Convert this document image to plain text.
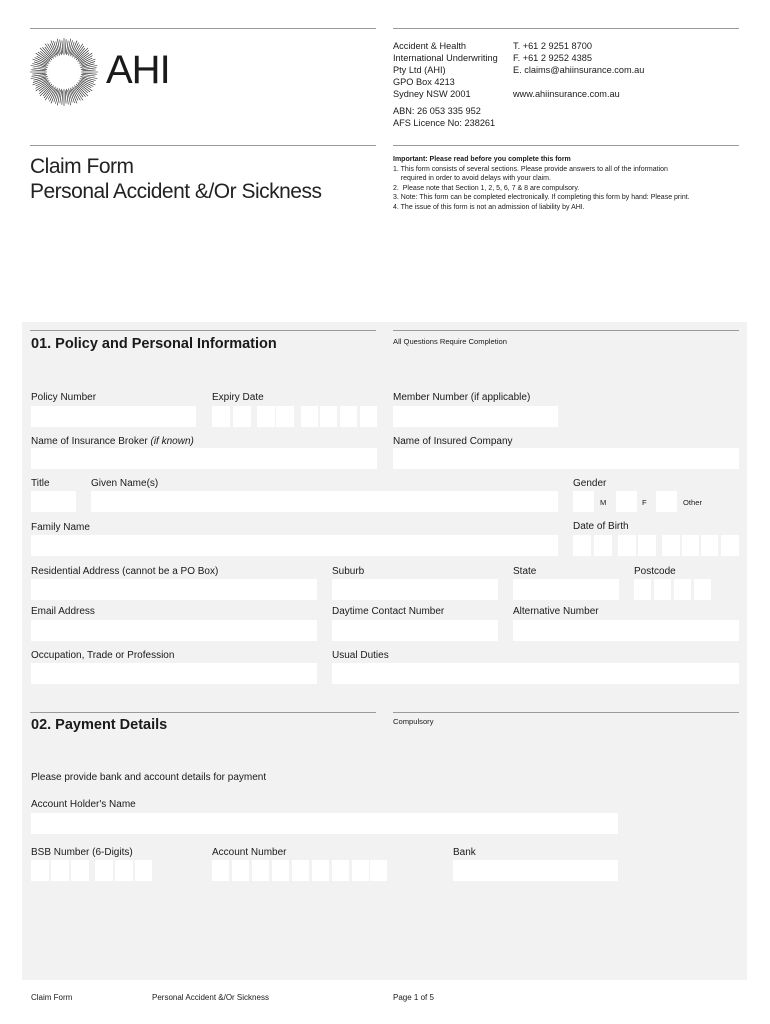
AHI
Accident & Health
International Underwriting
Pty Ltd (AHI)
GPO Box 4213
Sydney NSW 2001
T. +61 2 9251 8700
F. +61 2 9252 4385
E. claims@ahiinsurance.com.au
www.ahiinsurance.com.au
ABN: 26 053 335 952
AFS Licence No: 238261
Claim Form
Personal Accident &/Or Sickness
Important: Please read before you complete this form
1. This form consists of several sections. Please provide answers to all of the information
required in order to avoid delays with your claim.
2.  Please note that Section 1, 2, 5, 6, 7 & 8 are compulsory.
3. Note: This form can be completed electronically. If completing this form by hand: Please print.
4. The issue of this form is not an admission of liability by AHI.
01. Policy and Personal Information	All Questions Require Completion
Policy Number	Expiry Date	Member Number (if applicable)
Name of Insurance Broker (if known)	Name of Insured Company
Title	Given Name(s)	Gender
M	F	Other
Family Name	Date of Birth
Residential Address (cannot be a PO Box)	Suburb	State	Postcode
Email Address	Daytime Contact Number	Alternative Number
Occupation, Trade or Profession	Usual Duties
02. Payment Details	Compulsory
Please provide bank and account details for payment
Account Holder's Name
BSB Number (6-Digits)	Account Number	Bank
Claim Form	Personal Accident &/Or Sickness	Page 1 of 5
